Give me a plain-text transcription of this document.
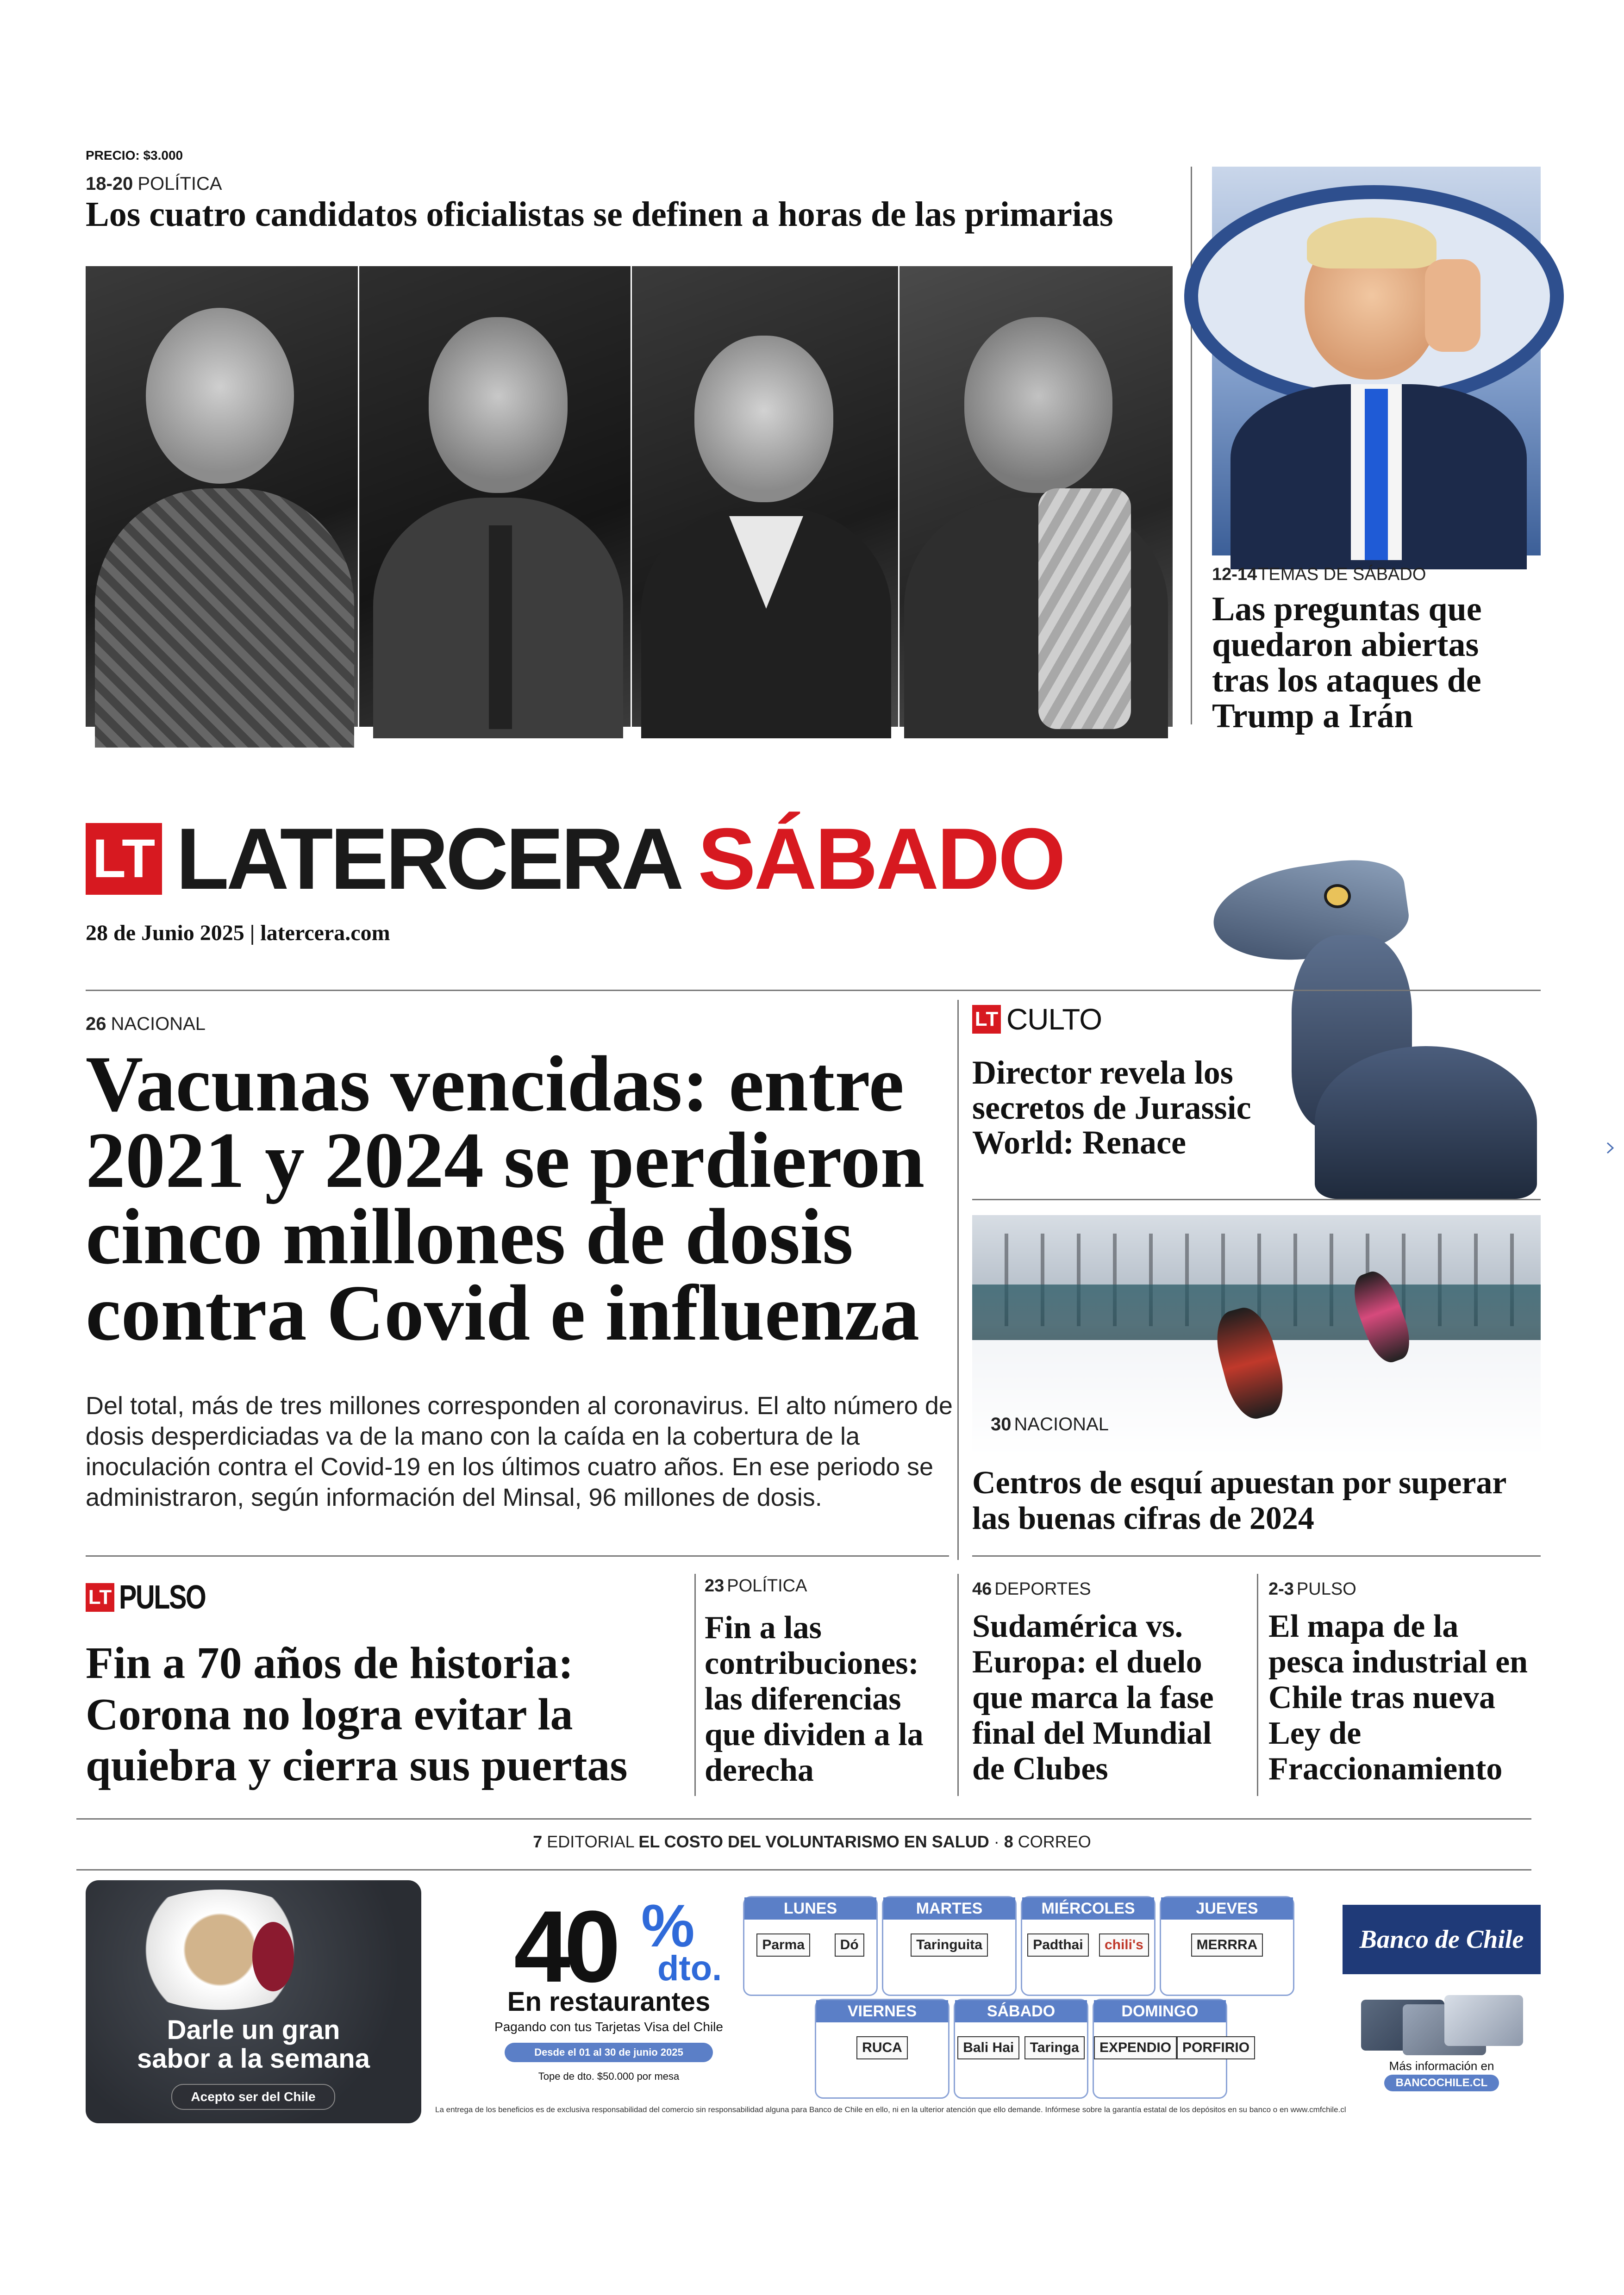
PRECIO: $3.000
18-20 POLÍTICA
Los cuatro candidatos oficialistas se definen a horas de las primarias
12-14TEMAS DE SÁBADO
Las preguntas que quedaron abiertas tras los ataques de Trump a Irán
LT LATERCERA SÁBADO
28 de Junio 2025 | latercera.com
26 NACIONAL
Vacunas vencidas: entre 2021 y 2024 se perdieron cinco millones de dosis contra Covid e influenza

Del total, más de tres millones corresponden al coronavirus. El alto número de dosis desperdiciadas va de la mano con la caída en la cobertura de la inoculación contra el Covid-19 en los últimos cuatro años. En ese periodo se administraron, según información del Minsal, 96 millones de dosis.

LT CULTO
Director revela los secretos de Jurassic World: Renace
30 NACIONAL
Centros de esquí apuestan por superar las buenas cifras de 2024
LT PULSO
Fin a 70 años de historia: Corona no logra evitar la quiebra y cierra sus puertas
23 POLÍTICA
Fin a las contribuciones: las diferencias que dividen a la derecha
46 DEPORTES
Sudamérica vs. Europa: el duelo que marca la fase final del Mundial de Clubes
2-3 PULSO
El mapa de la pesca industrial en Chile tras nueva Ley de Fraccionamiento
7 EDITORIAL EL COSTO DEL VOLUNTARISMO EN SALUD · 8 CORREO
Darle un gran
sabor a la semana
Acepto ser del Chile
40 %
dto.
En restaurantes
Pagando con tus Tarjetas Visa del Chile
Desde el 01 al 30 de junio 2025
Tope de dto. $50.000 por mesa
LUNES
Parma	Dó
MARTES
Taringuita
MIÉRCOLES
Padthai	chili's
JUEVES
MERRRA
VIERNES
RUCA
SÁBADO
Bali Hai	Taringa
DOMINGO
EXPENDIO PORFIRIO
Banco de Chile
Más información en
BANCOCHILE.CL
La entrega de los beneficios es de exclusiva responsabilidad del comercio sin responsabilidad alguna para Banco de Chile en ello, ni en la ulterior atención que ello demande. Infórmese sobre la garantía estatal de los depósitos en su banco o en www.cmfchile.cl
